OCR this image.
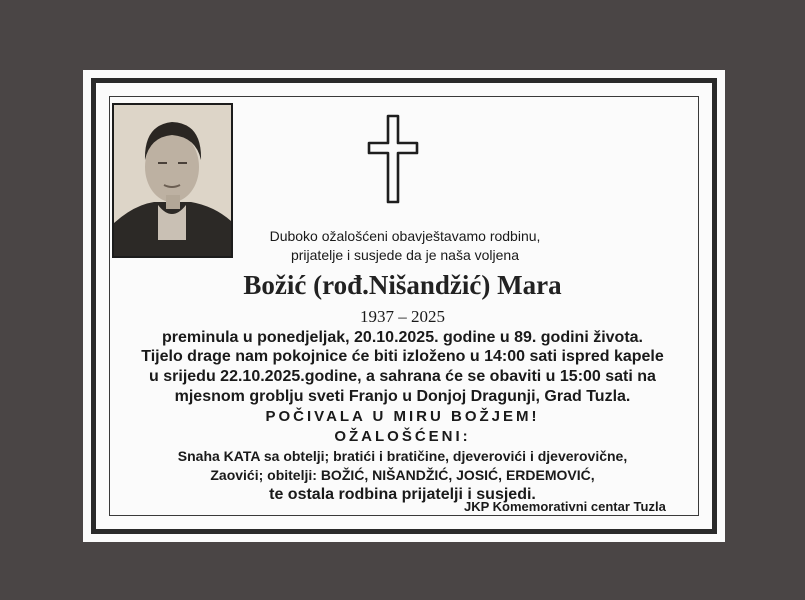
Duboko ožalošćeni obavještavamo rodbinu,
prijatelje i susjede da je naša voljena
Božić (rođ.Nišandžić) Mara
1937 – 2025
preminula u ponedjeljak, 20.10.2025. godine u 89. godini života.
Tijelo drage nam pokojnice će biti izloženo u 14:00 sati ispred kapele
u srijedu 22.10.2025.godine, a sahrana će se obaviti u 15:00 sati na
mjesnom groblju sveti Franjo u Donjoj Dragunji, Grad Tuzla.
POČIVALA U MIRU BOŽJEM!
OŽALOŠĆENI:
Snaha KATA sa obtelji; bratići i bratičine, djeverovići i djeverovične,
Zaovići; obitelji: BOŽIĆ, NIŠANDŽIĆ, JOSIĆ, ERDEMOVIĆ,
te ostala rodbina prijatelji i susjedi.
JKP Komemorativni centar Tuzla
